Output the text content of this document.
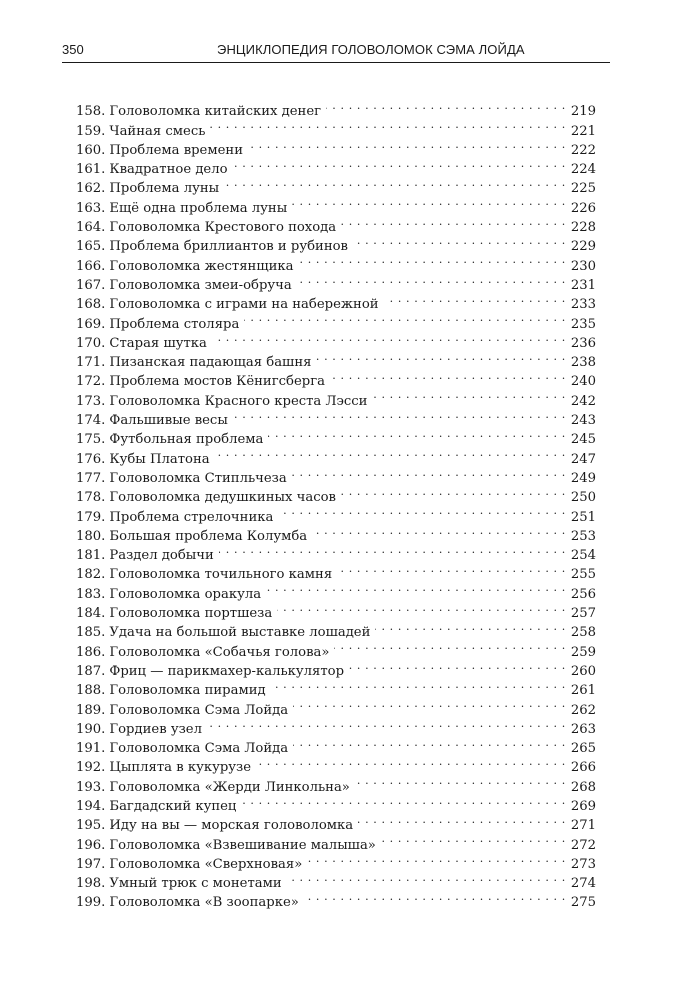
350	ЭНЦИКЛОПЕДИЯ ГОЛОВОЛОМОК СЭМА ЛОЙДА
158. Головоломка китайских денег . . .	219
159. Чайная смесь . . .	221
160. Проблема времени . . .	222
161. Квадратное дело . . .	224
162. Проблема луны . . .	225
163. Ещё одна проблема луны . . .	226
164. Головоломка Крестового похода . . .	228
165. Проблема бриллиантов и рубинов . . .	229
166. Головоломка жестянщика . . .	230
167. Головоломка змеи-обруча . . .	231
168. Головоломка с играми на набережной . . .	233
169. Проблема столяра . . .	235
170. Старая шутка . . .	236
171. Пизанская падающая башня . . .	238
172. Проблема мостов Кёнигсберга . . .	240
173. Головоломка Красного креста Лэсси . . .	242
174. Фальшивые весы . . .	243
175. Футбольная проблема . . .	245
176. Кубы Платона . . .	247
177. Головоломка Стипльчеза . . .	249
178. Головоломка дедушкиных часов . . .	250
179. Проблема стрелочника . . .	251
180. Большая проблема Колумба . . .	253
181. Раздел добычи . . .	254
182. Головоломка точильного камня . . .	255
183. Головоломка оракула . . .	256
184. Головоломка портшеза . . .	257
185. Удача на большой выставке лошадей . . .	258
186. Головоломка «Собачья голова» . . .	259
187. Фриц — парикмахер-калькулятор . . .	260
188. Головоломка пирамид . . .	261
189. Головоломка Сэма Лойда . . .	262
190. Гордиев узел . . .	263
191. Головоломка Сэма Лойда . . .	265
192. Цыплята в кукурузе . . .	266
193. Головоломка «Жерди Линкольна» . . .	268
194. Багдадский купец . . .	269
195. Иду на вы — морская головоломка . . .	271
196. Головоломка «Взвешивание малыша» . . .	272
197. Головоломка «Сверхновая» . . .	273
198. Умный трюк с монетами . . .	274
199. Головоломка «В зоопарке» . . .	275
